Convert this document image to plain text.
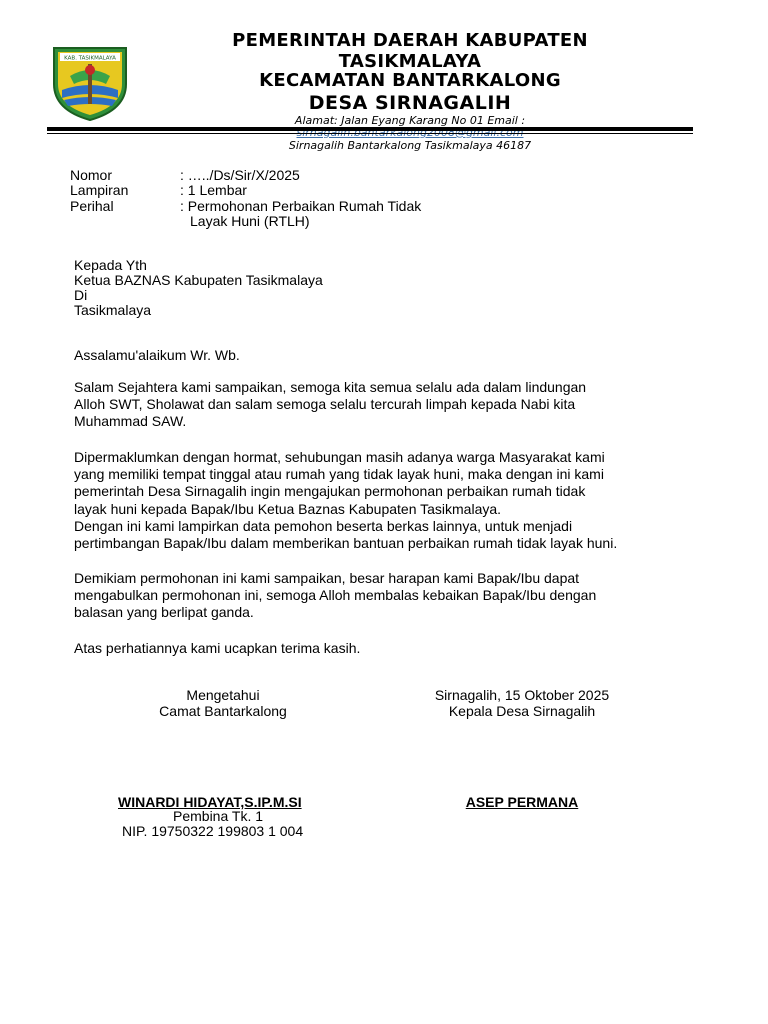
KAB. TASIKMALAYA
PEMERINTAH DAERAH KABUPATEN
TASIKMALAYA
KECAMATAN BANTARKALONG
DESA SIRNAGALIH
Alamat: Jalan Eyang Karang No 01 Email :
Sirnagalih Bantarkalong Tasikmalaya 46187
Nomor	: …../Ds/Sir/X/2025
Lampiran	: 1 Lembar
Perihal	: Permohonan Perbaikan Rumah Tidak
Layak Huni (RTLH)
Kepada Yth
Ketua BAZNAS Kabupaten Tasikmalaya
Di
Tasikmalaya
Assalamu'alaikum Wr. Wb.
Salam Sejahtera kami sampaikan, semoga kita semua selalu ada dalam lindungan
Alloh SWT, Sholawat dan salam semoga selalu tercurah limpah kepada Nabi kita
Muhammad SAW.
Dipermaklumkan dengan hormat, sehubungan masih adanya warga Masyarakat kami
yang memiliki tempat tinggal atau rumah yang tidak layak huni, maka dengan ini kami
pemerintah Desa Sirnagalih ingin mengajukan permohonan perbaikan rumah tidak
layak huni kepada Bapak/Ibu Ketua Baznas Kabupaten Tasikmalaya.
Dengan ini kami lampirkan data pemohon beserta berkas lainnya, untuk menjadi
pertimbangan Bapak/Ibu dalam memberikan bantuan perbaikan rumah tidak layak huni.
Demikiam permohonan ini kami sampaikan, besar harapan kami Bapak/Ibu dapat
mengabulkan permohonan ini, semoga Alloh membalas kebaikan Bapak/Ibu dengan
balasan yang berlipat ganda.
Atas perhatiannya kami ucapkan terima kasih.
Mengetahui
Camat Bantarkalong
WINARDI HIDAYAT,S.IP.M.SI
Pembina Tk. 1
NIP. 19750322 199803 1 004
Sirnagalih, 15 Oktober 2025
Kepala Desa Sirnagalih
ASEP PERMANA
